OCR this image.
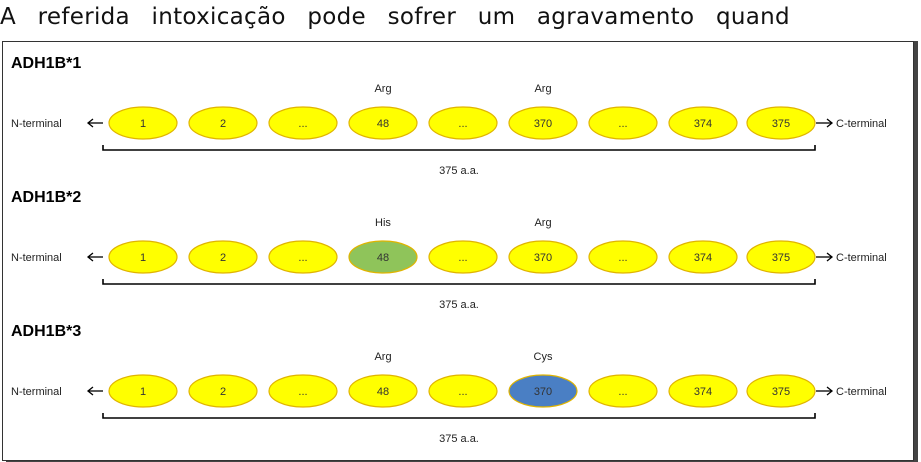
A referida intoxicação pode sofrer um agravamento quand
ADH1B*1
N-terminal	1	2	...	48
Arg
...	370
Arg
...	374	375	C-terminal
375 a.a.
ADH1B*2
N-terminal	1	2	...	48
His
...	370
Arg
...	374	375	C-terminal
375 a.a.
ADH1B*3
N-terminal	1	2	...	48
Arg
...	370
Cys
...	374	375	C-terminal
375 a.a.
